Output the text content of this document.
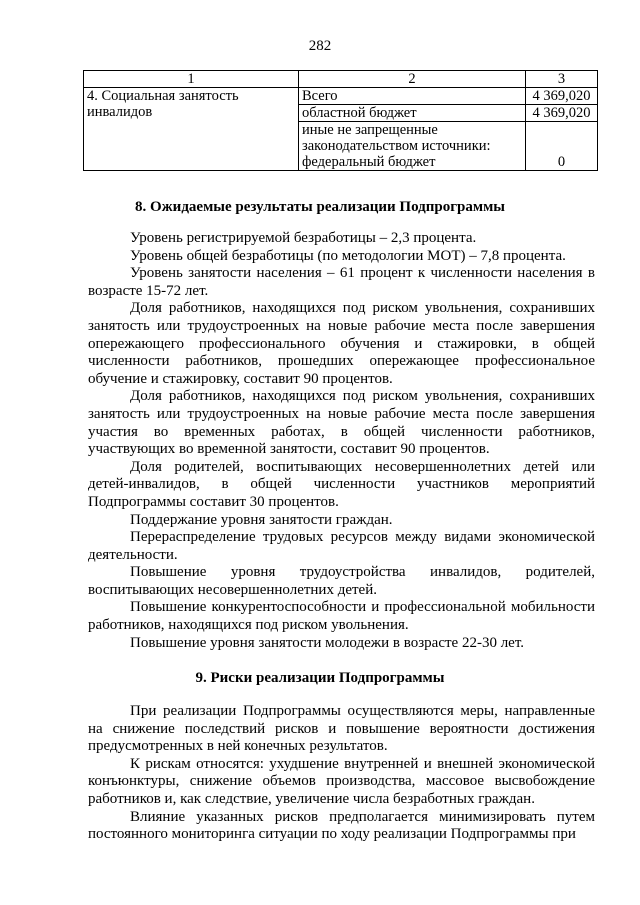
282
1	2	3
4. Социальная занятость инвалидов	Всего	4 369,020
	областной бюджет	4 369,020
	иные не запрещенные законодательством источники: федеральный бюджет	0
8. Ожидаемые результаты реализации Подпрограммы

Уровень регистрируемой безработицы – 2,3 процента.

Уровень общей безработицы (по методологии МОТ) – 7,8 процента.

Уровень занятости населения – 61 процент к численности населения в возрасте 15-72 лет.

Доля работников, находящихся под риском увольнения, сохранивших занятость или трудоустроенных на новые рабочие места после завершения опережающего профессионального обучения и стажировки, в общей численности работников, прошедших опережающее профессиональное обучение и стажировку, составит 90 процентов.

Доля работников, находящихся под риском увольнения, сохранивших занятость или трудоустроенных на новые рабочие места после завершения участия во временных работах, в общей численности работников, участвующих во временной занятости, составит 90 процентов.

Доля родителей, воспитывающих несовершеннолетних детей или детей-инвалидов, в общей численности участников мероприятий Подпрограммы составит 30 процентов.

Поддержание уровня занятости граждан.

Перераспределение трудовых ресурсов между видами экономической деятельности.

Повышение уровня трудоустройства инвалидов, родителей, воспитывающих несовершеннолетних детей.

Повышение конкурентоспособности и профессиональной мобильности работников, находящихся под риском увольнения.

Повышение уровня занятости молодежи в возрасте 22-30 лет.

9. Риски реализации Подпрограммы

При реализации Подпрограммы осуществляются меры, направленные на снижение последствий рисков и повышение вероятности достижения предусмотренных в ней конечных результатов.

К рискам относятся: ухудшение внутренней и внешней экономической конъюнктуры, снижение объемов производства, массовое высвобождение работников и, как следствие, увеличение числа безработных граждан.

Влияние указанных рисков предполагается минимизировать путем постоянного мониторинга ситуации по ходу реализации Подпрограммы при
